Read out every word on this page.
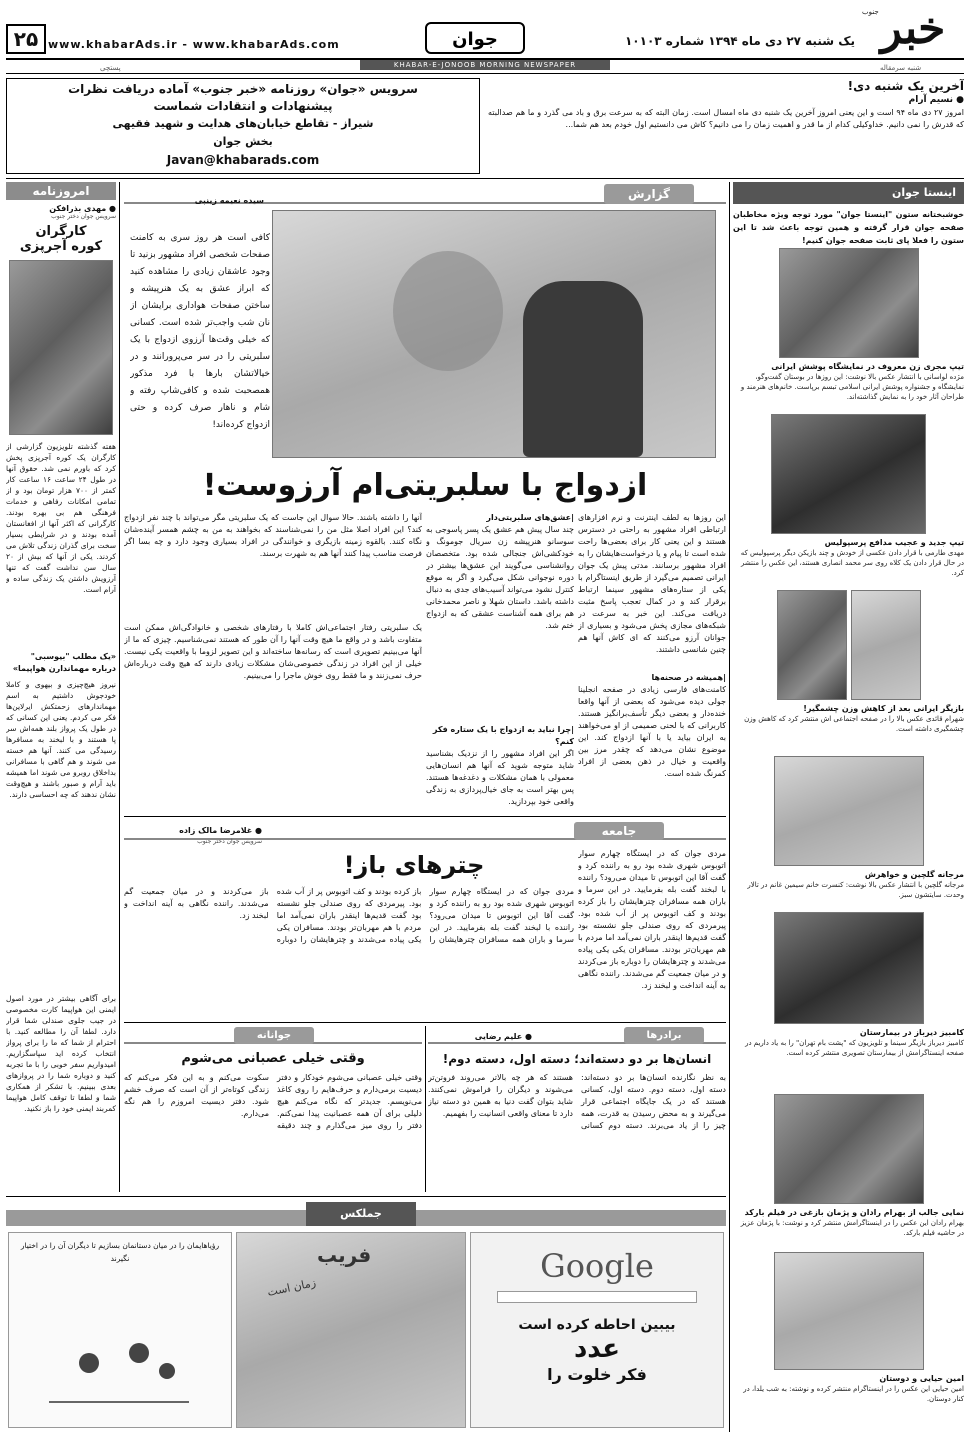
۲۵ www.khabarAds.ir - www.khabarAds.com	جوان	یک شنبه ۲۷ دی ماه ۱۳۹۴ شماره ۱۰۱۰۳ خبر
جنوب
KHABAR-E-JONOOB MORNING NEWSPAPER
پستچی	شنبه سرمقاله
سرویس «جوان» روزنامه «خبر جنوب» آماده دریافت نظرات
پیشنهادات و انتقادات شماست
شیراز - تقاطع خیابان‌های هدایت و شهید فقیهی
بخش جوان
Javan@khabarads.com
آخرین یک شنبه دی!
● نسیم آرام
امروز ۲۷ دی ماه ۹۴ است و این یعنی امروز آخرین یک شنبه دی ماه امسال است. زمان البته که به سرعت برق و باد می گذرد و ما هم صدالبته که قدرش را نمی دانیم. خداوکیلی کدام از ما قدر و اهمیت زمان را می دانیم؟ کاش می دانستیم اول خودم بعد هم شما...
امروزنامه
● مهدی بذرافکن
سرویس جوان دختر جنوب
کارگران
کوره آجرپزی
هفته گذشته تلویزیون گزارشی از کارگران یک کوره آجرپزی پخش کرد که باورم نمی شد. حقوق آنها در طول ۲۴ ساعت ۱۶ ساعت کار کمتر از ۷۰۰ هزار تومان بود و از تمامی امکانات رفاهی و خدمات فرهنگی هم بی بهره بودند. کارگرانی که اکثر آنها از افغانستان آمده بودند و در شرایطی بسیار سخت برای گذران زندگی تلاش می کردند. یکی از آنها که بیش از ۲۰ سال سن نداشت گفت که تنها آرزویش داشتن یک زندگی ساده و آرام است.
«یک مطلب "بیوسبی" درباره مهماندارن هواپیما»
نیروز هیچ‌چیزی و بیهوی و کاملا خودجوش داشتیم به اسم مهماندارهای زحمتکش ایرلاین‌ها فکر می کردم. یعنی این کسانی که در طول یک پرواز بلند همه‌اش سر پا هستند و با لبخند به مسافرها رسیدگی می کنند. آنها هم خسته می شوند و هم گاهی با مسافرانی بداخلاق روبرو می شوند اما همیشه باید آرام و صبور باشند و هیچ‌وقت نشان ندهند که چه احساسی دارند.
برای آگاهی بیشتر در مورد اصول ایمنی این هواپیما کارت مخصوصی در جیب جلوی صندلی شما قرار دارد. لطفا آن را مطالعه کنید. با احترام از شما که ما را برای پرواز انتخاب کرده اید سپاسگزاریم. امیدواریم سفر خوبی را با ما تجربه کنید و دوباره شما را در پروازهای بعدی ببینیم. با تشکر از همکاری شما و لطفا تا توقف کامل هواپیما کمربند ایمنی خود را باز نکنید.
گزارش
سیده نعیمه زینبی
کافی است هر روز سری به کامنت صفحات شخصی افراد مشهور بزنید تا وجود عاشقان زیادی را مشاهده کنید که ابراز عشق به یک هنرپیشه و ساختن صفحات هواداری برایشان از نان شب واجب‌تر شده است. کسانی که خیلی وقت‌ها آرزوی ازدواج با یک سلبریتی را در سر می‌پرورانند و در خیالاتشان بارها با فرد مذکور همصحبت شده و کافی‌شاپ رفته و شام و ناهار صرف کرده و حتی ازدواج کرده‌اند!
ازدواج با سلبریتی‌ام آرزوست!
این روزها به لطف اینترنت و نرم افزارهای ارتباطی افراد مشهور به راحتی در دسترس هستند و این یعنی کار برای بعضی‌ها راحت شده است تا پیام و یا درخواست‌هایشان را به افراد مشهور برسانند. مدتی پیش یک جوان ایرانی تصمیم می‌گیرد از طریق اینستاگرام با یکی از ستاره‌های مشهور سینما ارتباط برقرار کند و در کمال تعجب پاسخ مثبت دریافت می‌کند. این خبر به سرعت در شبکه‌های مجازی پخش می‌شود و بسیاری از جوانان آرزو می‌کنند که ای کاش آنها هم چنین شانسی داشتند.
|همیشه در صحنه‌ها
کامنت‌های فارسی زیادی در صفحه انجلینا جولی دیده می‌شود که بعضی از آنها واقعا خنده‌دار و بعضی دیگر تأسف‌برانگیز هستند. کاربرانی که با لحنی صمیمی از او می‌خواهند به ایران بیاید یا با آنها ازدواج کند. این موضوع نشان می‌دهد که چقدر مرز بین واقعیت و خیال در ذهن بعضی از افراد کمرنگ شده است.
|عشق‌های سلبریتی‌دار
چند سال پیش هم عشق یک پسر پاسوجی به سوسانو هنرپیشه زن سریال جومونگ و خودکشی‌اش جنجالی شده بود. متخصصان روانشناسی می‌گویند این عشق‌ها بیشتر در دوره نوجوانی شکل می‌گیرد و اگر به موقع کنترل نشود می‌تواند آسیب‌های جدی به دنبال داشته باشد. داستان شهلا و ناصر محمدخانی هم برای همه آشناست عشقی که به ازدواج ختم شد.
|چرا نباید به ازدواج با یک ستاره فکر کنم؟
اگر این افراد مشهور را از نزدیک بشناسید شاید متوجه شوید که آنها هم انسان‌هایی معمولی با همان مشکلات و دغدغه‌ها هستند. پس بهتر است به جای خیال‌پردازی به زندگی واقعی خود بپردازید.
آنها را داشته باشند. حالا سوال این جاست که یک سلبریتی مگر می‌تواند با چند نفر ازدواج کند؟ این افراد اصلا مثل من را نمی‌شناسند که بخواهند به من به چشم همسر آینده‌شان نگاه کنند. بالقوه زمینه بازیگری و خوانندگی در افراد بسیاری وجود دارد و چه بسا اگر فرصت مناسب پیدا کنند آنها هم به شهرت برسند.
یک سلبریتی رفتار اجتماعی‌اش کاملا با رفتارهای شخصی و خانوادگی‌اش ممکن است متفاوت باشد و در واقع ما هیچ وقت آنها را آن طور که هستند نمی‌شناسیم. چیزی که ما از آنها می‌بینیم تصویری است که رسانه‌ها ساخته‌اند و این تصویر لزوما با واقعیت یکی نیست. خیلی از این افراد در زندگی خصوصی‌شان مشکلات زیادی دارند که هیچ وقت درباره‌اش حرف نمی‌زنند و ما فقط روی خوش ماجرا را می‌بینیم.
جامعه
● غلامرضا مالک زاده
سرویس جوان دختر جنوب
چترهای باز!	مردی جوان که در ایستگاه چهارم سوار اتوبوس شهری شده بود رو به راننده کرد و گفت آقا این اتوبوس تا میدان می‌رود؟ راننده با لبخند گفت بله بفرمایید. در این سرما و باران همه مسافران چترهایشان را باز کرده بودند و کف اتوبوس پر از آب شده بود. پیرمردی که روی صندلی جلو نشسته بود گفت قدیم‌ها اینقدر باران نمی‌آمد اما مردم با هم مهربان‌تر بودند. مسافران یکی یکی پیاده می‌شدند و چترهایشان را دوباره باز می‌کردند و در میان جمعیت گم می‌شدند. راننده نگاهی به آینه انداخت و لبخند زد.
مردی جوان که در ایستگاه چهارم سوار اتوبوس شهری شده بود رو به راننده کرد و گفت آقا این اتوبوس تا میدان می‌رود؟ راننده با لبخند گفت بله بفرمایید. در این سرما و باران همه مسافران چترهایشان را باز کرده بودند و کف اتوبوس پر از آب شده بود. پیرمردی که روی صندلی جلو نشسته بود گفت قدیم‌ها اینقدر باران نمی‌آمد اما مردم با هم مهربان‌تر بودند. مسافران یکی یکی پیاده می‌شدند و چترهایشان را دوباره باز می‌کردند و در میان جمعیت گم می‌شدند. راننده نگاهی به آینه انداخت و لبخند زد.
برادرها
● علیم رضایی
انسان‌ها بر دو دسته‌اند؛ دسته اول، دسته دوم!
به نظر نگارنده انسان‌ها بر دو دسته‌اند: دسته اول، دسته دوم. دسته اول، کسانی هستند که در یک جایگاه اجتماعی قرار می‌گیرند و به محض رسیدن به قدرت، همه چیز را از یاد می‌برند. دسته دوم کسانی هستند که هر چه بالاتر می‌روند فروتن‌تر می‌شوند و دیگران را فراموش نمی‌کنند. شاید بتوان گفت دنیا به همین دو دسته نیاز دارد تا معنای واقعی انسانیت را بفهمیم.
جوانانه
وقتی خیلی عصبانی می‌شوم
وقتی خیلی عصبانی می‌شوم خودکار و دفتر دیسیت برمی‌دارم و حرف‌هایم را روی کاغذ می‌نویسم. جدیدتر که نگاه می‌کنم هیچ دلیلی برای آن همه عصبانیت پیدا نمی‌کنم. دفتر را روی میز می‌گذارم و چند دقیقه سکوت می‌کنم و به این فکر می‌کنم که زندگی کوتاه‌تر از آن است که صرف خشم شود. دفتر دیسیت امروزم را هم نگه می‌دارم.
اینستا جوان
خوشبختانه ستون "اینستا جوان" مورد توجه ویژه مخاطبان صفحه جوان قرار گرفته و همین توجه باعث شد تا این ستون را فعلا پای ثابت صفحه جوان کنیم!
تیپ مجری زن معروف در نمایشگاه پوشش ایرانی
مژده لواسانی با انتشار عکس بالا نوشت: این روزها در بوستان گفت‌وگو، نمایشگاه و جشنواره پوشش ایرانی اسلامی تبسم برپاست. خانم‌های هنرمند و طراحان آثار خود را به نمایش گذاشته‌اند.
تیپ جدید و عجیب مدافع پرسپولیس
مهدی طارمی با قرار دادن عکسی از خودش و چند بازیکن دیگر پرسپولیس که در حال قرار دادن یک کلاه روی سر محمد انصاری هستند، این عکس را منتشر کرد.
بازیگر ایرانی بعد از کاهش وزن چشمگیر!
شهرام قائدی عکس بالا را در صفحه اجتماعی اش منتشر کرد که کاهش وزن چشمگیری داشته است.
مرجانه گلچین و خواهرش
مرجانه گلچین با انتشار عکس بالا نوشت: کنسرت خانم سیمین غانم در تالار وحدت. سایتشون سبز.
کامبیز دیرباز در بیمارستان
کامبیز دیرباز بازیگر سینما و تلویزیون که "پشت بام تهران" را به یاد داریم در صفحه اینستاگرامش از بیمارستان تصویری منتشر کرده است.
نمایی جالب از بهرام رادان و پژمان بازغی در فیلم بارکد
بهرام رادان این عکس را در اینستاگرامش منتشر کرد و نوشت: با پژمان عزیز در حاشیه فیلم بارکد.
امین حیایی و دوستان
امین حیایی این عکس را در اینستاگرام منتشر کرده و نوشته: به شب یلدا، در کنار دوستان.
جملکس
رؤیاهایمان را در میان دستانمان بسازیم تا دیگران آن را در اختیار نگیرند	فریب
زمان است
Google
بیبین احاطه کرده است
عدد
فکر خلوت را
